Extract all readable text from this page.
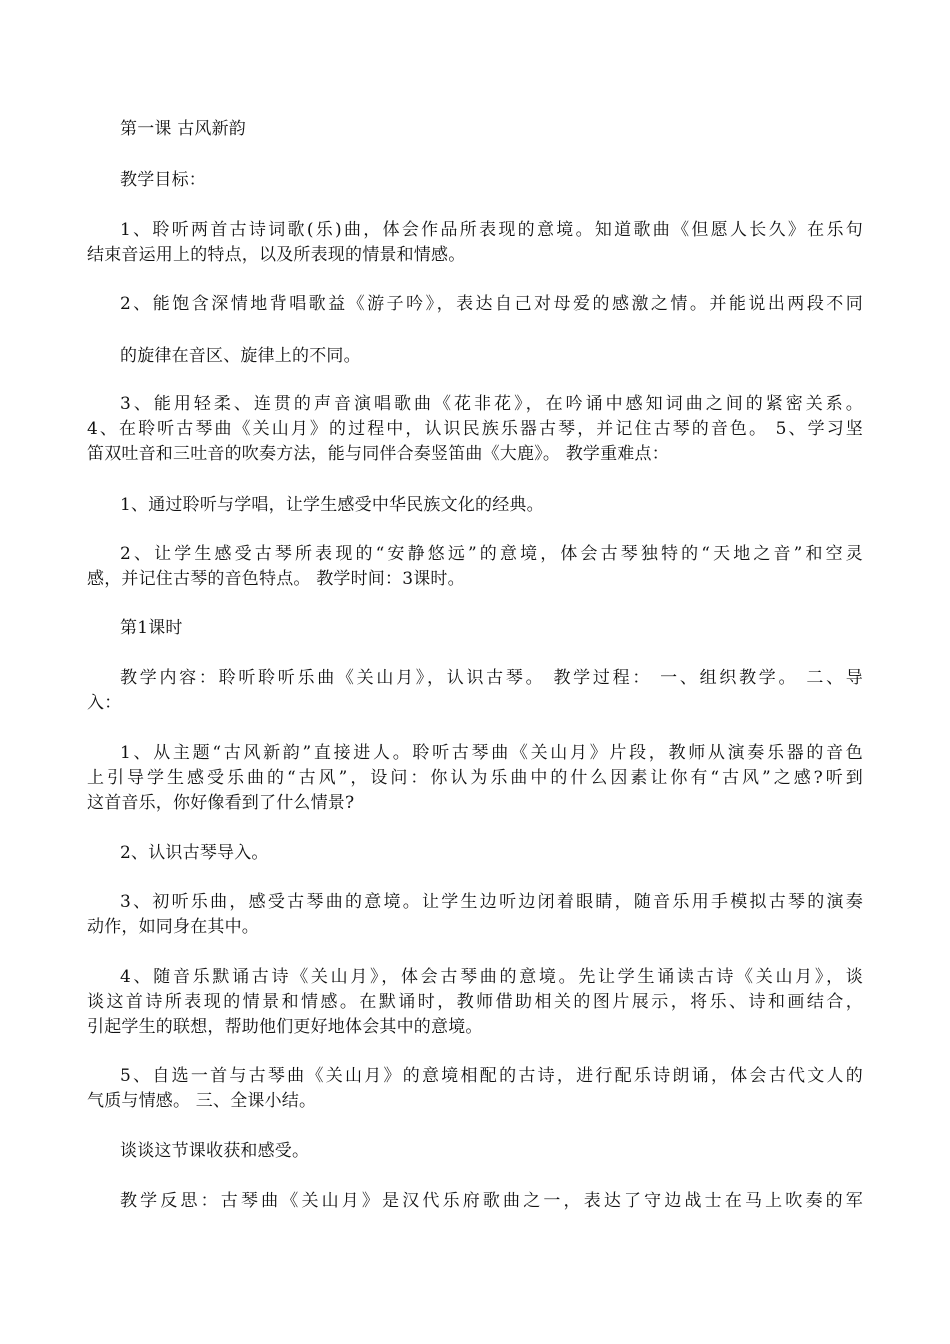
第一课 古风新韵
教学目标：
1、聆听两首古诗词歌(乐)曲，体会作品所表现的意境。知道歌曲《但愿人长久》在乐句
结束音运用上的特点，以及所表现的情景和情感。
2、能饱含深情地背唱歌益《游子吟》，表达自己对母爱的感激之情。并能说出两段不同
的旋律在音区、旋律上的不同。
3、能用轻柔、连贯的声音演唱歌曲《花非花》，在吟诵中感知词曲之间的紧密关系。
4、在聆听古琴曲《关山月》的过程中，认识民族乐器古琴，并记住古琴的音色。 5、学习坚
笛双吐音和三吐音的吹奏方法，能与同伴合奏竖笛曲《大鹿》。 教学重难点：
1、通过聆听与学唱，让学生感受中华民族文化的经典。
2、让学生感受古琴所表现的“安静悠远”的意境，体会古琴独特的“天地之音”和空灵
感，并记住古琴的音色特点。 教学时间：3课时。
第1课时
教学内容：聆听聆听乐曲《关山月》，认识古琴。 教学过程： 一、组织教学。 二、导
入：
1、从主题“古风新韵”直接进人。聆听古琴曲《关山月》片段，教师从演奏乐器的音色
上引导学生感受乐曲的“古风”，设问：你认为乐曲中的什么因素让你有“古风”之感?听到
这首音乐，你好像看到了什么情景?
2、认识古琴导入。
3、初听乐曲，感受古琴曲的意境。让学生边听边闭着眼睛，随音乐用手模拟古琴的演奏
动作，如同身在其中。
4、随音乐默诵古诗《关山月》，体会古琴曲的意境。先让学生诵读古诗《关山月》，谈
谈这首诗所表现的情景和情感。在默诵时，教师借助相关的图片展示，将乐、诗和画结合，
引起学生的联想，帮助他们更好地体会其中的意境。
5、自选一首与古琴曲《关山月》的意境相配的古诗，进行配乐诗朗诵，体会古代文人的
气质与情感。 三、全课小结。
谈谈这节课收获和感受。
教学反思：古琴曲《关山月》是汉代乐府歌曲之一，表达了守边战士在马上吹奏的军
